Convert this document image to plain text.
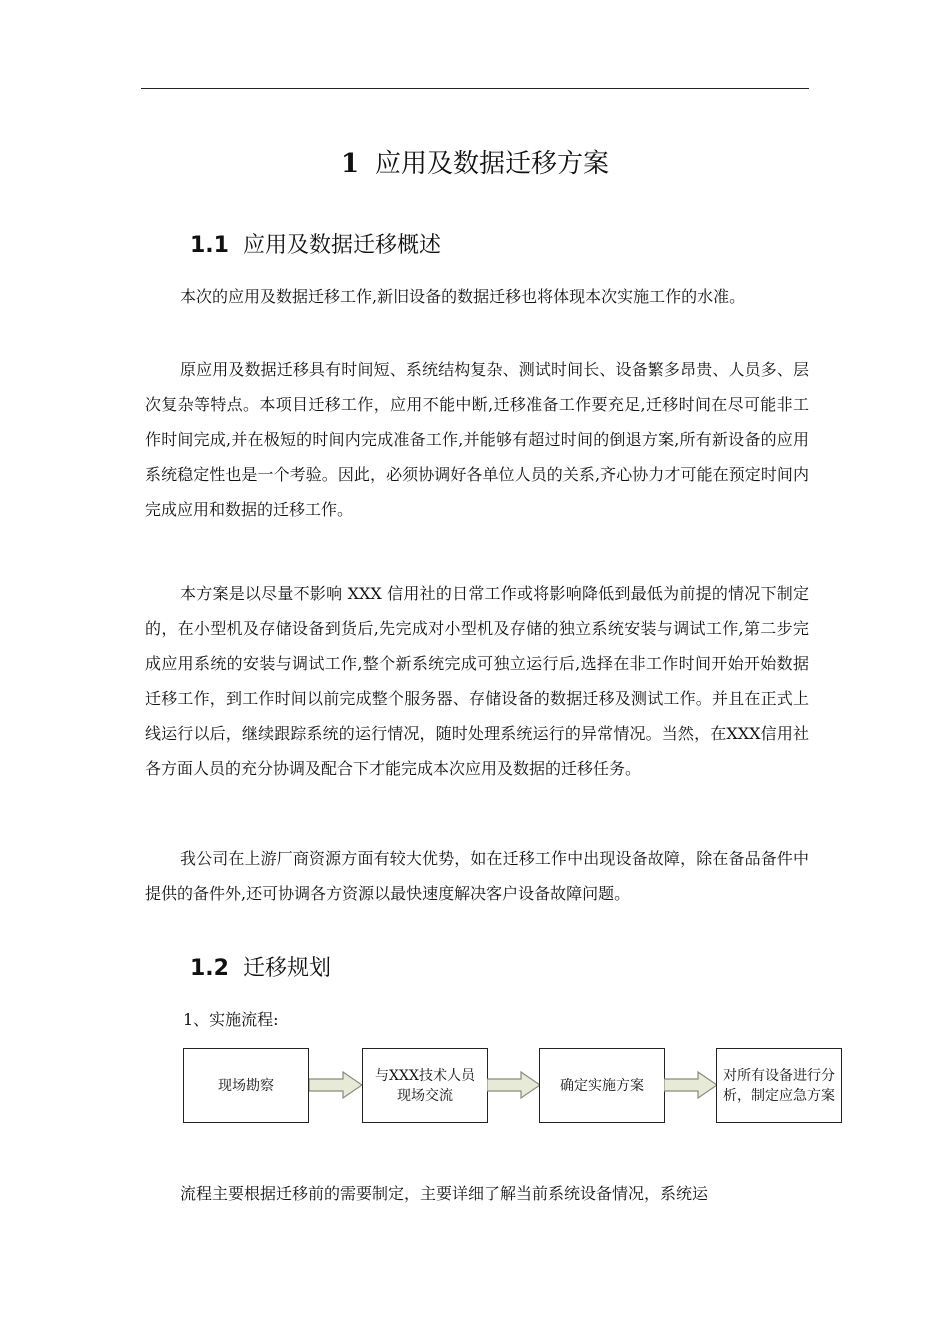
1 应用及数据迁移方案
1.1 应用及数据迁移概述

本次的应用及数据迁移工作,新旧设备的数据迁移也将体现本次实施工作的水准。

原应用及数据迁移具有时间短、系统结构复杂、测试时间长、设备繁多昂贵、人员多、层次复杂等特点。本项目迁移工作，应用不能中断,迁移准备工作要充足,迁移时间在尽可能非工作时间完成,并在极短的时间内完成准备工作,并能够有超过时间的倒退方案,所有新设备的应用系统稳定性也是一个考验。因此，必须协调好各单位人员的关系,齐心协力才可能在预定时间内完成应用和数据的迁移工作。

本方案是以尽量不影响 XXX 信用社的日常工作或将影响降低到最低为前提的情况下制定的，在小型机及存储设备到货后,先完成对小型机及存储的独立系统安装与调试工作,第二步完成应用系统的安装与调试工作,整个新系统完成可独立运行后,选择在非工作时间开始开始数据迁移工作，到工作时间以前完成整个服务器、存储设备的数据迁移及测试工作。并且在正式上线运行以后，继续跟踪系统的运行情况，随时处理系统运行的异常情况。当然，在XXX信用社各方面人员的充分协调及配合下才能完成本次应用及数据的迁移任务。

我公司在上游厂商资源方面有较大优势，如在迁移工作中出现设备故障，除在备品备件中提供的备件外,还可协调各方资源以最快速度解决客户设备故障问题。

1.2 迁移规划
1、实施流程:
现场勘察
与XXX技术人员现场交流
确定实施方案
对所有设备进行分析，制定应急方案

流程主要根据迁移前的需要制定，主要详细了解当前系统设备情况，系统运
